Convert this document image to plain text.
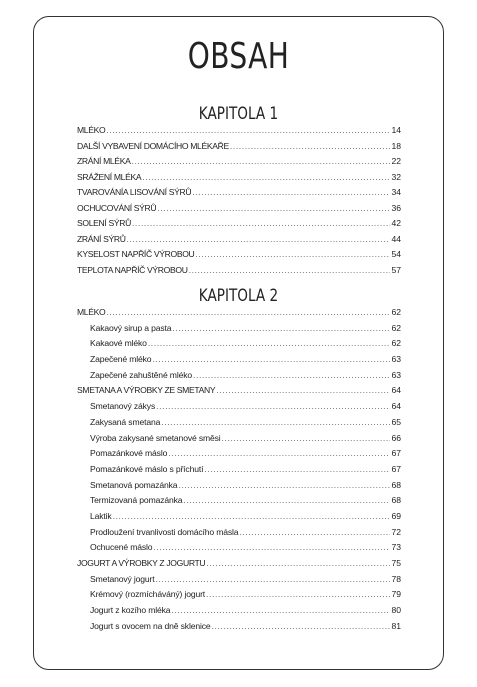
OBSAH
KAPITOLA 1
MLÉKO .....	14
DALŠÍ VYBAVENÍ DOMÁCÍHO MLÉKAŘE .....	18
ZRÁNÍ MLÉKA .....	22
SRÁŽENÍ MLÉKA .....	32
TVAROVÁNÍA LISOVÁNÍ SÝRŮ .....	34
OCHUCOVÁNÍ SÝRŮ .....	36
SOLENÍ SÝRŮ .....	42
ZRÁNÍ SÝRŮ .....	44
KYSELOST NAPŘÍČ VÝROBOU .....	54
TEPLOTA NAPŘÍČ VÝROBOU .....	57
KAPITOLA 2
MLÉKO .....	62
Kakaový sirup a pasta .....	62
Kakaové mléko .....	62
Zapečené mléko .....	63
Zapečené zahuštěné mléko .....	63
SMETANA A VÝROBKY ZE SMETANY .....	64
Smetanový zákys .....	64
Zakysaná smetana .....	65
Výroba zakysané smetanové směsi .....	66
Pomazánkové máslo .....	67
Pomazánkové máslo s příchutí .....	67
Smetanová pomazánka .....	68
Termizovaná pomazánka .....	68
Laktik .....	69
Prodloužení trvanlivosti domácího másla .....	72
Ochucené máslo .....	73
JOGURT A VÝROBKY Z JOGURTU .....	75
Smetanový jogurt .....	78
Krémový (rozmícháváný) jogurt .....	79
Jogurt z kozího mléka .....	80
Jogurt s ovocem na dně sklenice .....	81
